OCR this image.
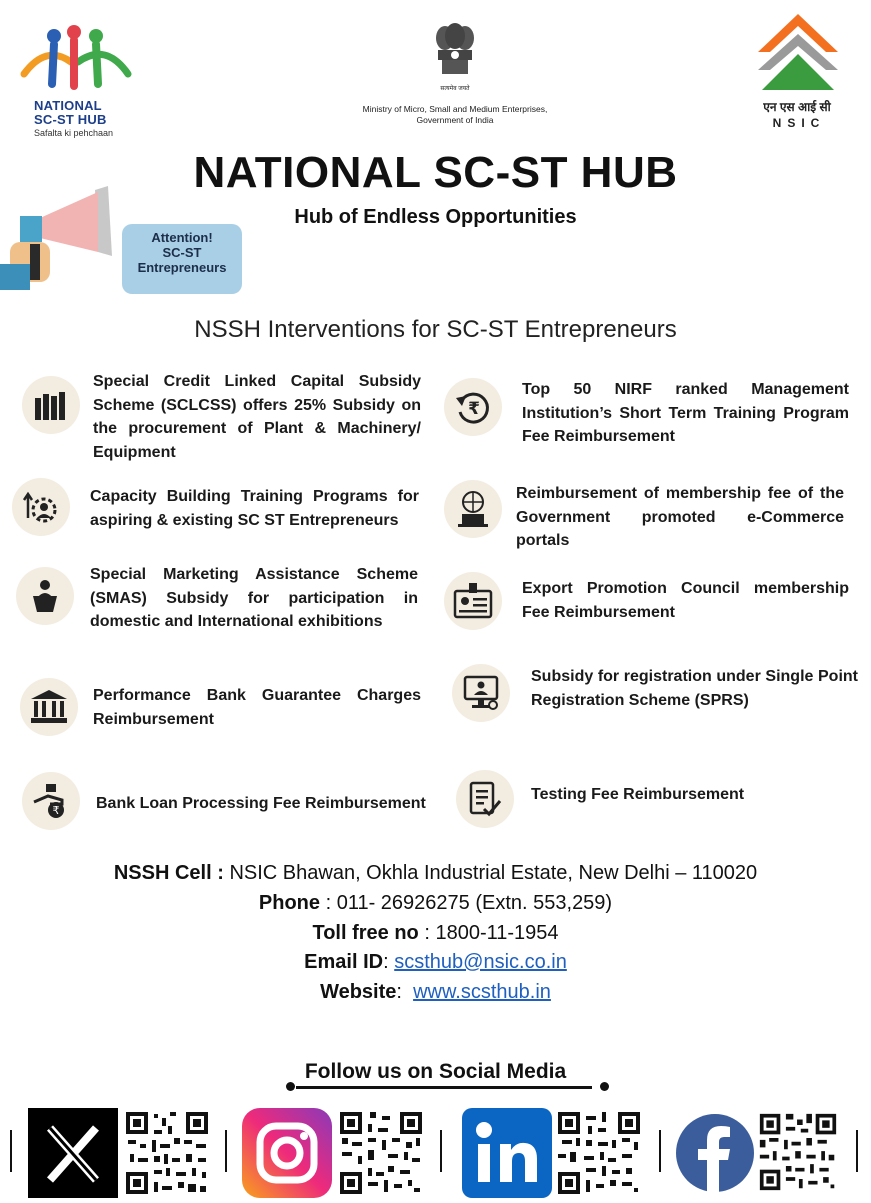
NATIONAL
SC-ST HUB
Safalta ki pehchaan
सत्यमेव जयते
Ministry of Micro, Small and Medium Enterprises,
Government of India
एन एस आई सी
NSIC
NATIONAL SC-ST HUB
Hub of Endless Opportunities
Attention!
SC-ST
Entrepreneurs
NSSH Interventions for SC-ST Entrepreneurs
Special Credit Linked Capital Subsidy Scheme (SCLCSS) offers 25% Subsidy on the procurement of Plant & Machinery/ Equipment
Capacity Building Training Programs for aspiring & existing SC ST Entrepreneurs
Special Marketing Assistance Scheme (SMAS) Subsidy for participation in domestic and International exhibitions
Performance Bank Guarantee Charges Reimbursement
₹ Bank Loan Processing Fee Reimbursement
₹
Top 50 NIRF ranked Management Institution’s Short Term Training Program Fee Reimbursement
Reimbursement of membership fee of the Government promoted e-Commerce portals
Export Promotion Council membership Fee Reimbursement
Subsidy for registration under Single Point Registration Scheme (SPRS)
Testing Fee Reimbursement
NSSH Cell : NSIC Bhawan, Okhla Industrial Estate, New Delhi – 110020
Phone : 011- 26926275 (Extn. 553,259)
Toll free no : 1800-11-1954
Email ID: scsthub@nsic.co.in
Website:  www.scsthub.in
Follow us on Social Media
